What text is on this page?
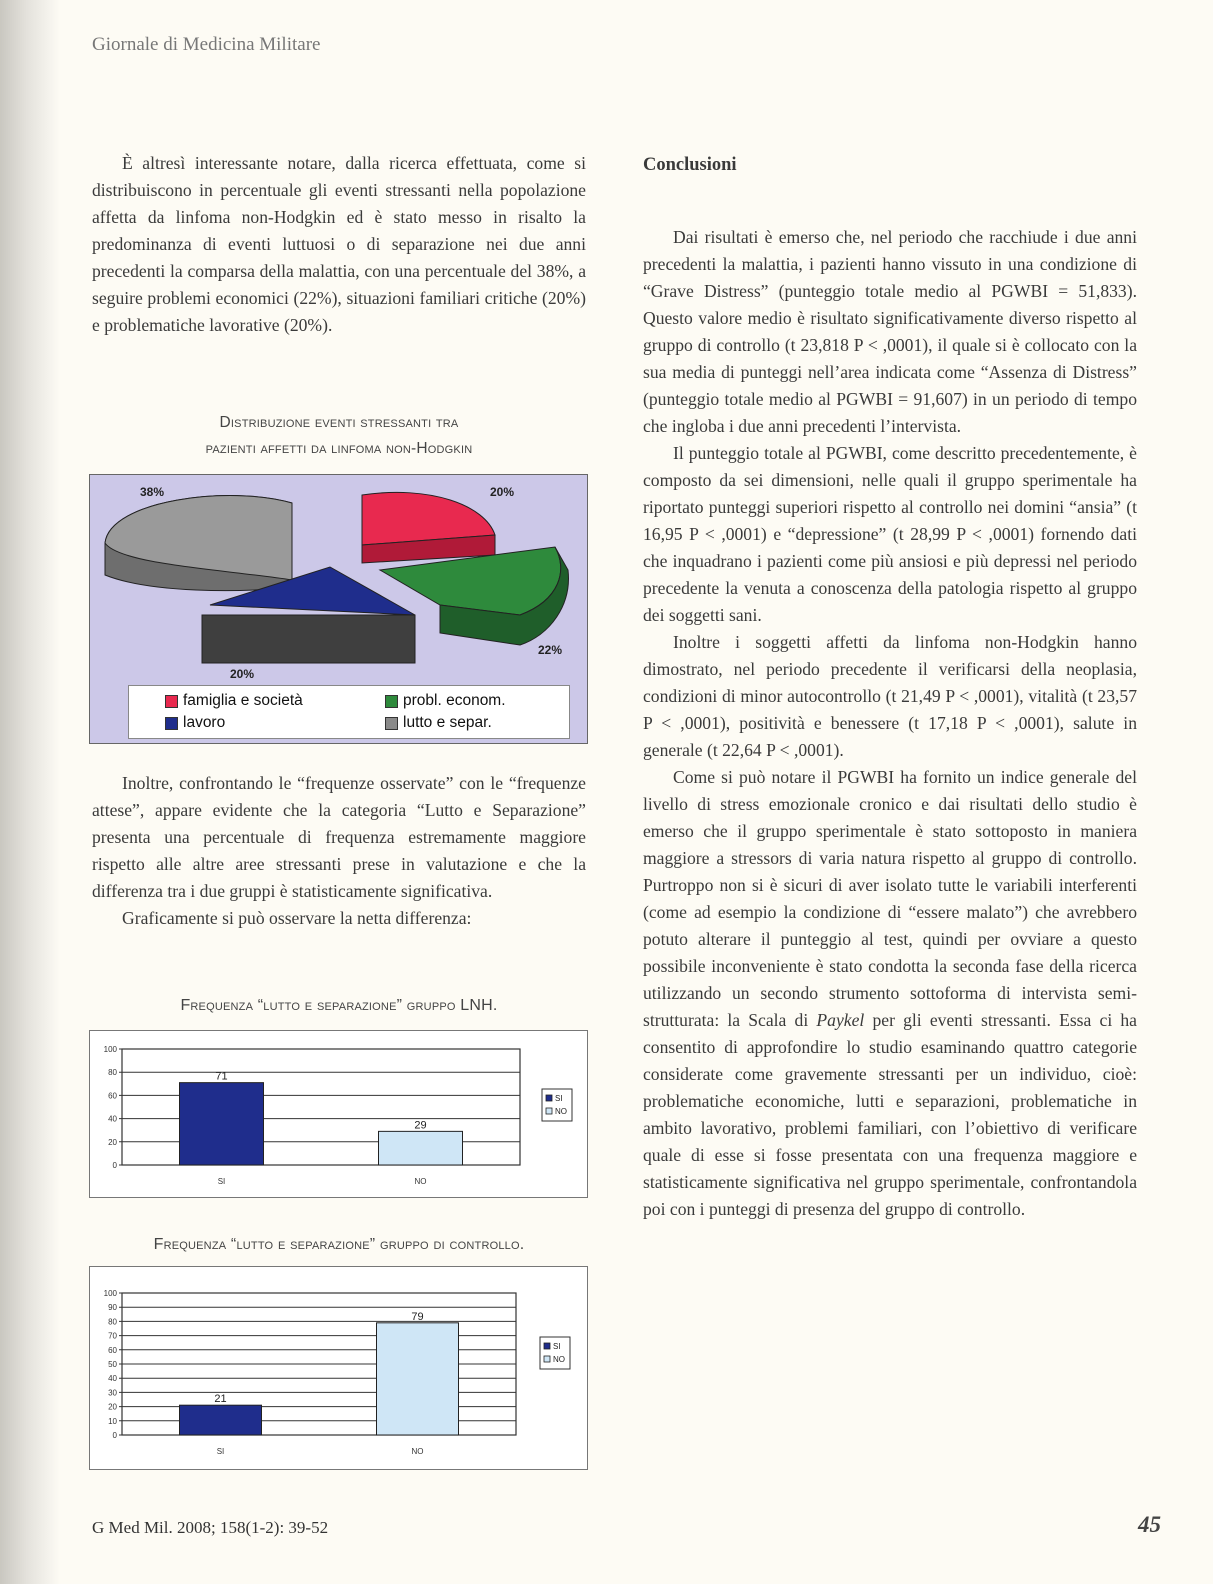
Giornale di Medicina Militare

È altresì interessante notare, dalla ricerca effettuata, come si distribuiscono in percentuale gli eventi stressanti nella popolazione affetta da linfoma non-Hodgkin ed è stato messo in risalto la predominanza di eventi luttuosi o di separazione nei due anni precedenti la comparsa della malattia, con una percentuale del 38%, a seguire problemi economici (22%), situazioni familiari critiche (20%) e problematiche lavorative (20%).

Distribuzione eventi stressanti tra
pazienti affetti da linfoma non-Hodgkin
38%	20%
22%
20%
famiglia e società	probl. econom.
lavoro	lutto e separ.

Inoltre, confrontando le “frequenze osservate” con le “frequenze attese”, appare evidente che la categoria “Lutto e Separazione” presenta una percentuale di frequenza estremamente maggiore rispetto alle altre aree stressanti prese in valutazione e che la differenza tra i due gruppi è statisticamente significativa.

Graficamente si può osservare la netta differenza:

Frequenza “lutto e separazione” gruppo LNH.
100
80
60
40
20
0
71
SI
29
NO
SI
NO
Frequenza “lutto e separazione” gruppo di controllo.
100
90
80
70
60
50
40
30
20
10
0
21
SI
79
NO
SI
NO
Conclusioni

Dai risultati è emerso che, nel periodo che racchiude i due anni precedenti la malattia, i pazienti hanno vissuto in una condizione di “Grave Distress” (punteggio totale medio al PGWBI = 51,833). Questo valore medio è risultato significativamente diverso rispetto al gruppo di controllo (t 23,818 P < ,0001), il quale si è collocato con la sua media di punteggi nell’area indicata come “Assenza di Distress” (punteggio totale medio al PGWBI = 91,607) in un periodo di tempo che ingloba i due anni precedenti l’intervista.

Il punteggio totale al PGWBI, come descritto precedentemente, è composto da sei dimensioni, nelle quali il gruppo sperimentale ha riportato punteggi superiori rispetto al controllo nei domini “ansia” (t 16,95 P < ,0001) e “depressione” (t 28,99 P < ,0001) fornendo dati che inquadrano i pazienti come più ansiosi e più depressi nel periodo precedente la venuta a conoscenza della patologia rispetto al gruppo dei soggetti sani.

Inoltre i soggetti affetti da linfoma non-Hodgkin hanno dimostrato, nel periodo precedente il verificarsi della neoplasia, condizioni di minor autocontrollo (t 21,49 P < ,0001), vitalità (t 23,57 P < ,0001), positività e benessere (t 17,18 P < ,0001), salute in generale (t 22,64 P < ,0001).

Come si può notare il PGWBI ha fornito un indice generale del livello di stress emozionale cronico e dai risultati dello studio è emerso che il gruppo sperimentale è stato sottoposto in maniera maggiore a stressors di varia natura rispetto al gruppo di controllo. Purtroppo non si è sicuri di aver isolato tutte le variabili interferenti (come ad esempio la condizione di “essere malato”) che avrebbero potuto alterare il punteggio al test, quindi per ovviare a questo possibile inconveniente è stato condotta la seconda fase della ricerca utilizzando un secondo strumento sottoforma di intervista semi-strutturata: la Scala di Paykel per gli eventi stressanti. Essa ci ha consentito di approfondire lo studio esaminando quattro categorie considerate come gravemente stressanti per un individuo, cioè: problematiche economiche, lutti e separazioni, problematiche in ambito lavorativo, problemi familiari, con l’obiettivo di verificare quale di esse si fosse presentata con una frequenza maggiore e statisticamente significativa nel gruppo sperimentale, confrontandola poi con i punteggi di presenza del gruppo di controllo.

G Med Mil. 2008; 158(1-2): 39-52	45
